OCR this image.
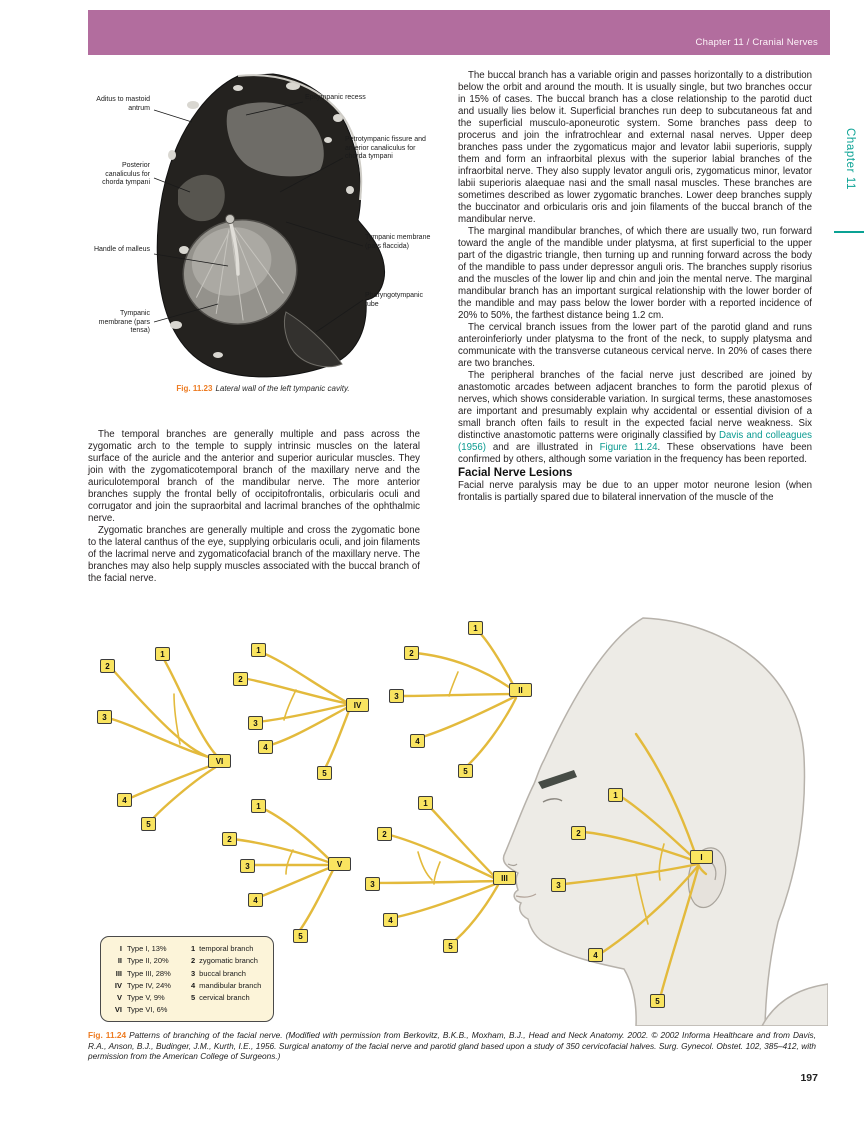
Chapter 11 / Cranial Nerves
Chapter 11
Aditus to mastoid antrum
Posterior canaliculus for chorda tympani
Handle of malleus
Tympanic membrane (pars tensa)
Epitympanic recess
Petrotympanic fissure and anterior canaliculus for chorda tympani
Tympanic membrane (pars flaccida)
Pharyngotympanic tube
Fig. 11.23 Lateral wall of the left tympanic cavity.

The temporal branches are generally multiple and pass across the zygomatic arch to the temple to supply intrinsic muscles on the lateral surface of the auricle and the anterior and superior auricular muscles. They join with the zygomaticotemporal branch of the maxillary nerve and the auriculotemporal branch of the mandibular nerve. The more anterior branches supply the frontal belly of occipitofrontalis, orbicularis oculi and corrugator and join the supraorbital and lacrimal branches of the ophthalmic nerve.

Zygomatic branches are generally multiple and cross the zygomatic bone to the lateral canthus of the eye, supplying orbicularis oculi, and join filaments of the lacrimal nerve and zygomaticofacial branch of the maxillary nerve. The branches may also help supply muscles associated with the buccal branch of the facial nerve.

The buccal branch has a variable origin and passes horizontally to a distribution below the orbit and around the mouth. It is usually single, but two branches occur in 15% of cases. The buccal branch has a close relationship to the parotid duct and usually lies below it. Superficial branches run deep to subcutaneous fat and the superficial musculo-aponeurotic system. Some branches pass deep to procerus and join the infratrochlear and external nasal nerves. Upper deep branches pass under the zygomaticus major and levator labii superioris, supply them and form an infraorbital plexus with the superior labial branches of the infraorbital nerve. They also supply levator anguli oris, zygomaticus minor, levator labii superioris alaequae nasi and the small nasal muscles. These branches are sometimes described as lower zygomatic branches. Lower deep branches supply the buccinator and orbicularis oris and join filaments of the buccal branch of the mandibular nerve.

The marginal mandibular branches, of which there are usually two, run forward toward the angle of the mandible under platysma, at first superficial to the upper part of the digastric triangle, then turning up and running forward across the body of the mandible to pass under depressor anguli oris. The branches supply risorius and the muscles of the lower lip and chin and join the mental nerve. The marginal mandibular branch has an important surgical relationship with the lower border of the mandible and may pass below the lower border with a reported incidence of 20% to 50%, the farthest distance being 1.2 cm.

The cervical branch issues from the lower part of the parotid gland and runs anteroinferiorly under platysma to the front of the neck, to supply platysma and communicate with the transverse cutaneous cervical nerve. In 20% of cases there are two branches.

The peripheral branches of the facial nerve just described are joined by anastomotic arcades between adjacent branches to form the parotid plexus of nerves, which shows considerable variation. In surgical terms, these anastomoses are important and presumably explain why accidental or essential division of a small branch often fails to result in the expected facial nerve weakness. Six distinctive anastomotic patterns were originally classified by Davis and colleagues (1956) and are illustrated in Figure 11.24. These observations have been confirmed by others, although some variation in the frequency has been reported.

Facial Nerve Lesions

Facial nerve paralysis may be due to an upper motor neurone lesion (when frontalis is partially spared due to bilateral innervation of the muscle of the

1
2
3
4
5
VI
1
2
3
4
5
IV
1
2
3
4
5
II
1
2
3
4
5
V
1
2
3
4
5
III
1
2
3
4
5
I
I Type I, 13%
II Type II, 20%
III Type III, 28%
IV Type IV, 24%
V Type V, 9%
VI Type VI, 6%
1 temporal branch
2 zygomatic branch
3 buccal branch
4 mandibular branch
5 cervical branch
Fig. 11.24 Patterns of branching of the facial nerve. (Modified with permission from Berkovitz, B.K.B., Moxham, B.J., Head and Neck Anatomy. 2002. © 2002 Informa Healthcare and from Davis, R.A., Anson, B.J., Budinger, J.M., Kurth, I.E., 1956. Surgical anatomy of the facial nerve and parotid gland based upon a study of 350 cervicofacial halves. Surg. Gynecol. Obstet. 102, 385–412, with permission from the American College of Surgeons.)
197
